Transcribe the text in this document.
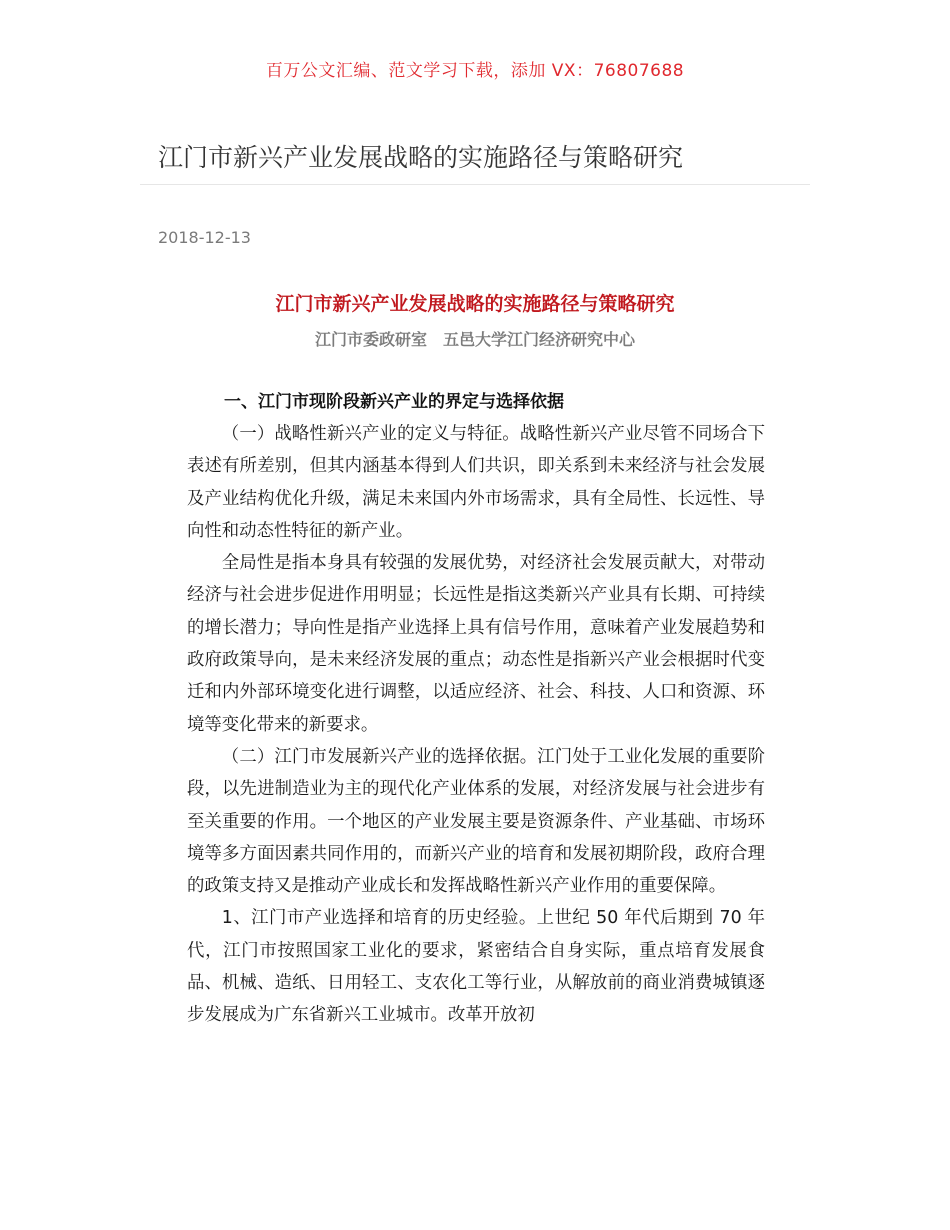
百万公文汇编、范文学习下载，添加 VX：76807688
江门市新兴产业发展战略的实施路径与策略研究
2018-12-13
江门市新兴产业发展战略的实施路径与策略研究
江门市委政研室　五邑大学江门经济研究中心
一、江门市现阶段新兴产业的界定与选择依据

（一）战略性新兴产业的定义与特征。战略性新兴产业尽管不同场合下表述有所差别，但其内涵基本得到人们共识，即关系到未来经济与社会发展及产业结构优化升级，满足未来国内外市场需求，具有全局性、长远性、导向性和动态性特征的新产业。

全局性是指本身具有较强的发展优势，对经济社会发展贡献大，对带动经济与社会进步促进作用明显；长远性是指这类新兴产业具有长期、可持续的增长潜力；导向性是指产业选择上具有信号作用，意味着产业发展趋势和政府政策导向，是未来经济发展的重点；动态性是指新兴产业会根据时代变迁和内外部环境变化进行调整，以适应经济、社会、科技、人口和资源、环境等变化带来的新要求。

（二）江门市发展新兴产业的选择依据。江门处于工业化发展的重要阶段，以先进制造业为主的现代化产业体系的发展，对经济发展与社会进步有至关重要的作用。一个地区的产业发展主要是资源条件、产业基础、市场环境等多方面因素共同作用的，而新兴产业的培育和发展初期阶段，政府合理的政策支持又是推动产业成长和发挥战略性新兴产业作用的重要保障。

1、江门市产业选择和培育的历史经验。上世纪 50 年代后期到 70 年代，江门市按照国家工业化的要求，紧密结合自身实际，重点培育发展食品、机械、造纸、日用轻工、支农化工等行业，从解放前的商业消费城镇逐步发展成为广东省新兴工业城市。改革开放初
